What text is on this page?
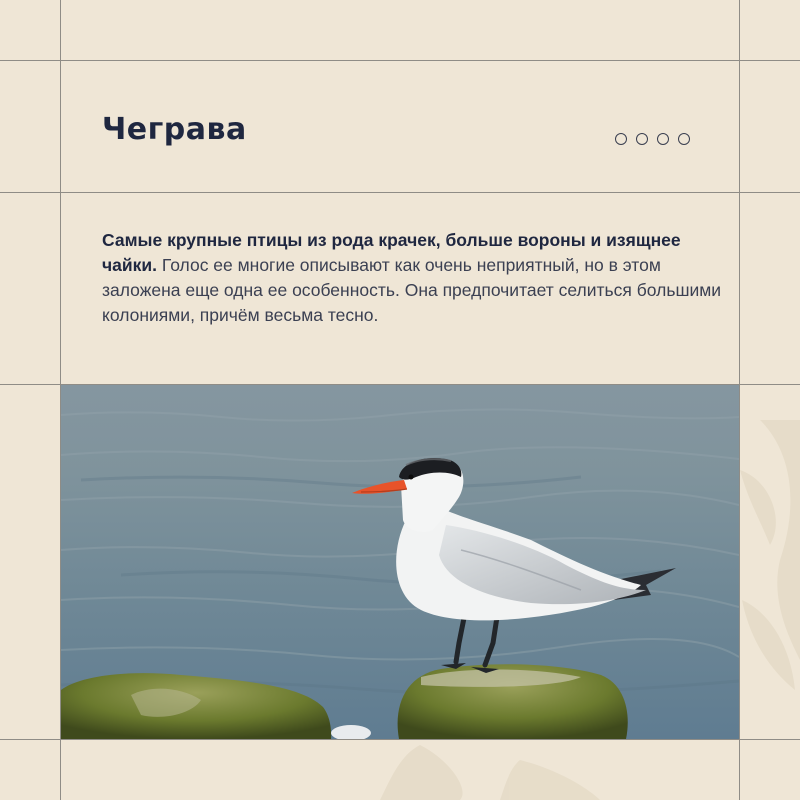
Чеграва

Самые крупные птицы из рода крачек, больше вороны и изящнее чайки. Голос ее многие описывают как очень неприятный, но в этом заложена еще одна ее особенность. Она предпочитает селиться большими колониями, причём весьма тесно.
